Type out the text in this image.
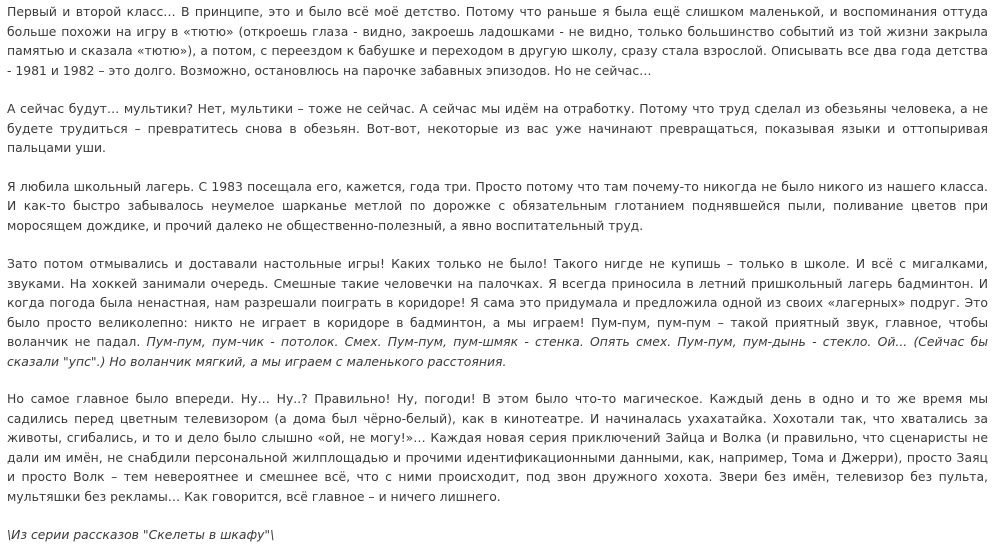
Первый и второй класс… В принципе, это и было всё моё детство. Потому что раньше я была ещё слишком маленькой, и воспоминания оттуда больше похожи на игру в «тютю» (откроешь глаза - видно, закроешь ладошками - не видно, только большинство событий из той жизни закрыла памятью и сказала «тютю»), а потом, с переездом к бабушке и переходом в другую школу, сразу стала взрослой. Описывать все два года детства - 1981 и 1982 – это долго. Возможно, остановлюсь на парочке забавных эпизодов. Но не сейчас…

А сейчас будут… мультики? Нет, мультики – тоже не сейчас. А сейчас мы идём на отработку. Потому что труд сделал из обезьяны человека, а не будете трудиться – превратитесь снова в обезьян. Вот-вот, некоторые из вас уже начинают превращаться, показывая языки и оттопыривая пальцами уши.

Я любила школьный лагерь. С 1983 посещала его, кажется, года три. Просто потому что там почему-то никогда не было никого из нашего класса. И как-то быстро забывалось неумелое шарканье метлой по дорожке с обязательным глотанием поднявшейся пыли, поливание цветов при моросящем дождике, и прочий далеко не общественно-полезный, а явно воспитательный труд.

Зато потом отмывались и доставали настольные игры! Каких только не было! Такого нигде не купишь – только в школе. И всё с мигалками, звуками. На хоккей занимали очередь. Смешные такие человечки на палочках. Я всегда приносила в летний пришкольный лагерь бадминтон. И когда погода была ненастная, нам разрешали поиграть в коридоре! Я сама это придумала и предложила одной из своих «лагерных» подруг. Это было просто великолепно: никто не играет в коридоре в бадминтон, а мы играем! Пум-пум, пум-пум – такой приятный звук, главное, чтобы воланчик не падал. Пум-пум, пум-чик - потолок. Смех. Пум-пум, пум-шмяк - стенка. Опять смех. Пум-пум, пум-дынь - стекло. Ой... (Сейчас бы сказали "упс".) Но воланчик мягкий, а мы играем с маленького расстояния.

Но самое главное было впереди. Ну… Ну..? Правильно! Ну, погоди! В этом было что-то магическое. Каждый день в одно и то же время мы садились перед цветным телевизором (а дома был чёрно-белый), как в кинотеатре. И начиналась ухахатайка. Хохотали так, что хватались за животы, сгибались, и то и дело было слышно «ой, не могу!»… Каждая новая серия приключений Зайца и Волка (и правильно, что сценаристы не дали им имён, не снабдили персональной жилплощадью и прочими идентификационными данными, как, например, Тома и Джерри), просто Заяц и просто Волк – тем невероятнее и смешнее всё, что с ними происходит, под звон дружного хохота. Звери без имён, телевизор без пульта, мультяшки без рекламы… Как говорится, всё главное – и ничего лишнего.

\Из серии рассказов "Скелеты в шкафу"\
